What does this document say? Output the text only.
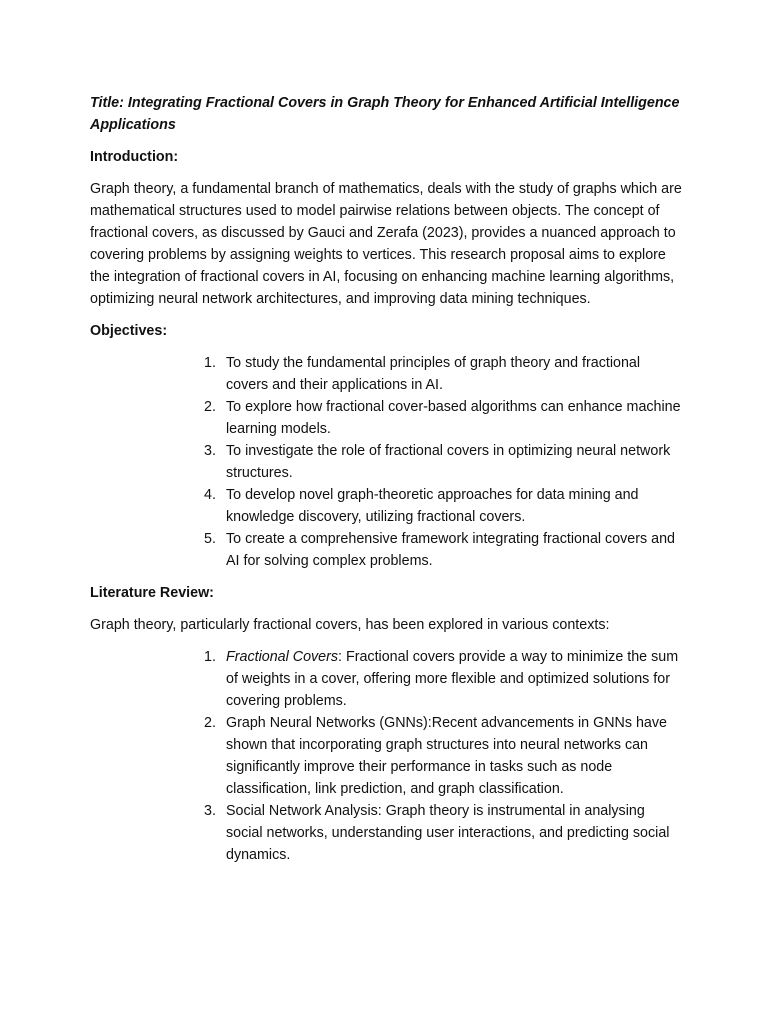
Title: Integrating Fractional Covers in Graph Theory for Enhanced Artificial Intelligence Applications

Introduction:

Graph theory, a fundamental branch of mathematics, deals with the study of graphs which are mathematical structures used to model pairwise relations between objects. The concept of fractional covers, as discussed by Gauci and Zerafa (2023), provides a nuanced approach to covering problems by assigning weights to vertices. This research proposal aims to explore the integration of fractional covers in AI, focusing on enhancing machine learning algorithms, optimizing neural network architectures, and improving data mining techniques.

Objectives:

1. To study the fundamental principles of graph theory and fractional covers and their applications in AI.
2. To explore how fractional cover-based algorithms can enhance machine learning models.
3. To investigate the role of fractional covers in optimizing neural network structures.
4. To develop novel graph-theoretic approaches for data mining and knowledge discovery, utilizing fractional covers.
5. To create a comprehensive framework integrating fractional covers and AI for solving complex problems.

Literature Review:

Graph theory, particularly fractional covers, has been explored in various contexts:

1. Fractional Covers: Fractional covers provide a way to minimize the sum of weights in a cover, offering more flexible and optimized solutions for covering problems.
2. Graph Neural Networks (GNNs):Recent advancements in GNNs have shown that incorporating graph structures into neural networks can significantly improve their performance in tasks such as node classification, link prediction, and graph classification.
3. Social Network Analysis: Graph theory is instrumental in analysing social networks, understanding user interactions, and predicting social dynamics.
